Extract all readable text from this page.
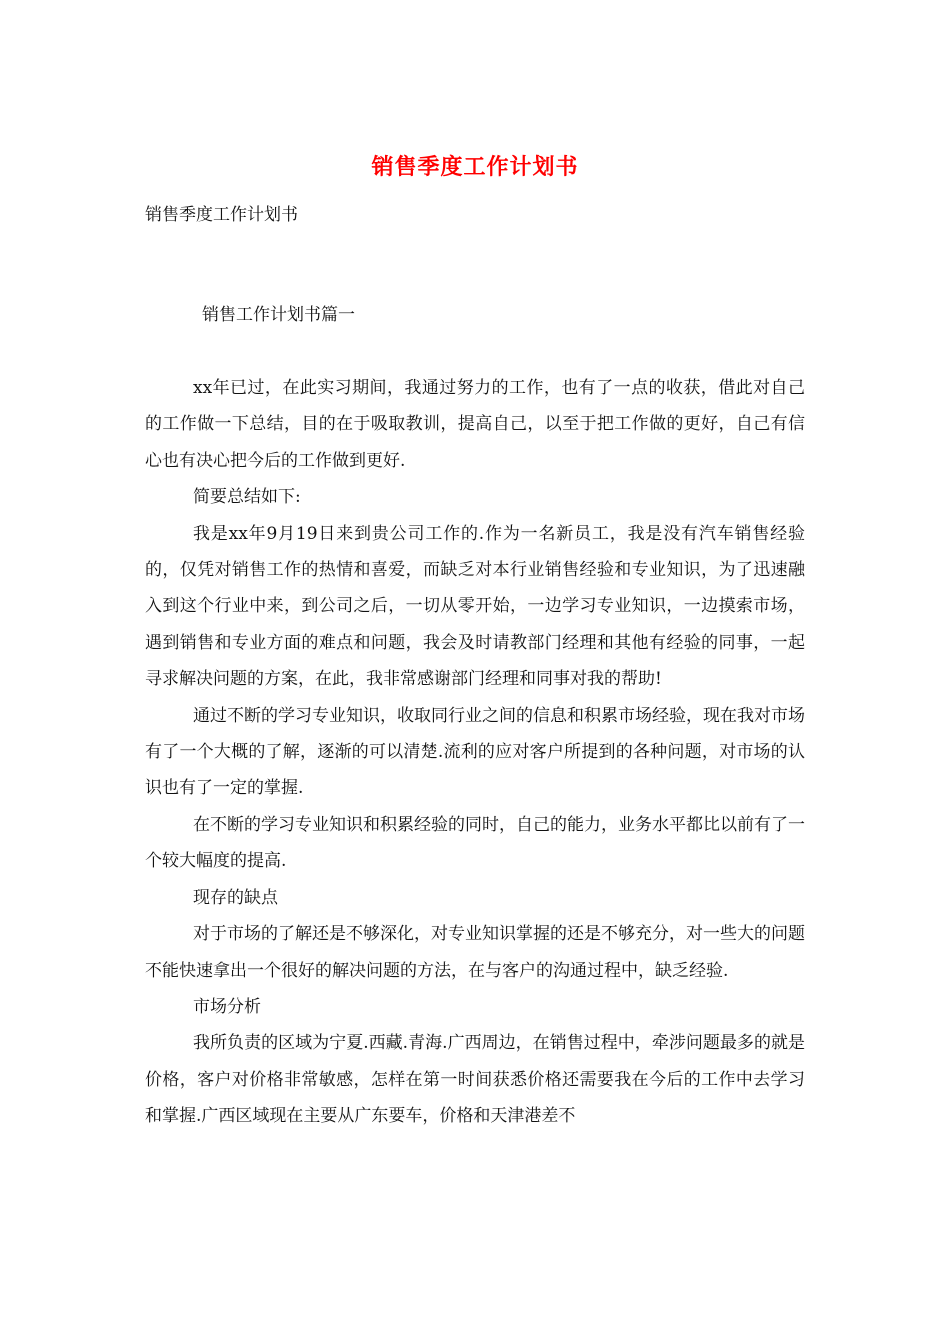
销售季度工作计划书
销售季度工作计划书
销售工作计划书篇一

xx年已过，在此实习期间，我通过努力的工作，也有了一点的收获，借此对自己的工作做一下总结，目的在于吸取教训，提高自己，以至于把工作做的更好，自己有信心也有决心把今后的工作做到更好.

简要总结如下:

我是xx年9月19日来到贵公司工作的.作为一名新员工，我是没有汽车销售经验的，仅凭对销售工作的热情和喜爱，而缺乏对本行业销售经验和专业知识，为了迅速融入到这个行业中来，到公司之后，一切从零开始，一边学习专业知识，一边摸索市场，遇到销售和专业方面的难点和问题，我会及时请教部门经理和其他有经验的同事，一起寻求解决问题的方案，在此，我非常感谢部门经理和同事对我的帮助!

通过不断的学习专业知识，收取同行业之间的信息和积累市场经验，现在我对市场有了一个大概的了解，逐渐的可以清楚.流利的应对客户所提到的各种问题，对市场的认识也有了一定的掌握.

在不断的学习专业知识和积累经验的同时，自己的能力，业务水平都比以前有了一个较大幅度的提高.

现存的缺点

对于市场的了解还是不够深化，对专业知识掌握的还是不够充分，对一些大的问题不能快速拿出一个很好的解决问题的方法，在与客户的沟通过程中，缺乏经验.

市场分析

我所负责的区域为宁夏.西藏.青海.广西周边，在销售过程中，牵涉问题最多的就是价格，客户对价格非常敏感，怎样在第一时间获悉价格还需要我在今后的工作中去学习和掌握.广西区域现在主要从广东要车，价格和天津港差不
